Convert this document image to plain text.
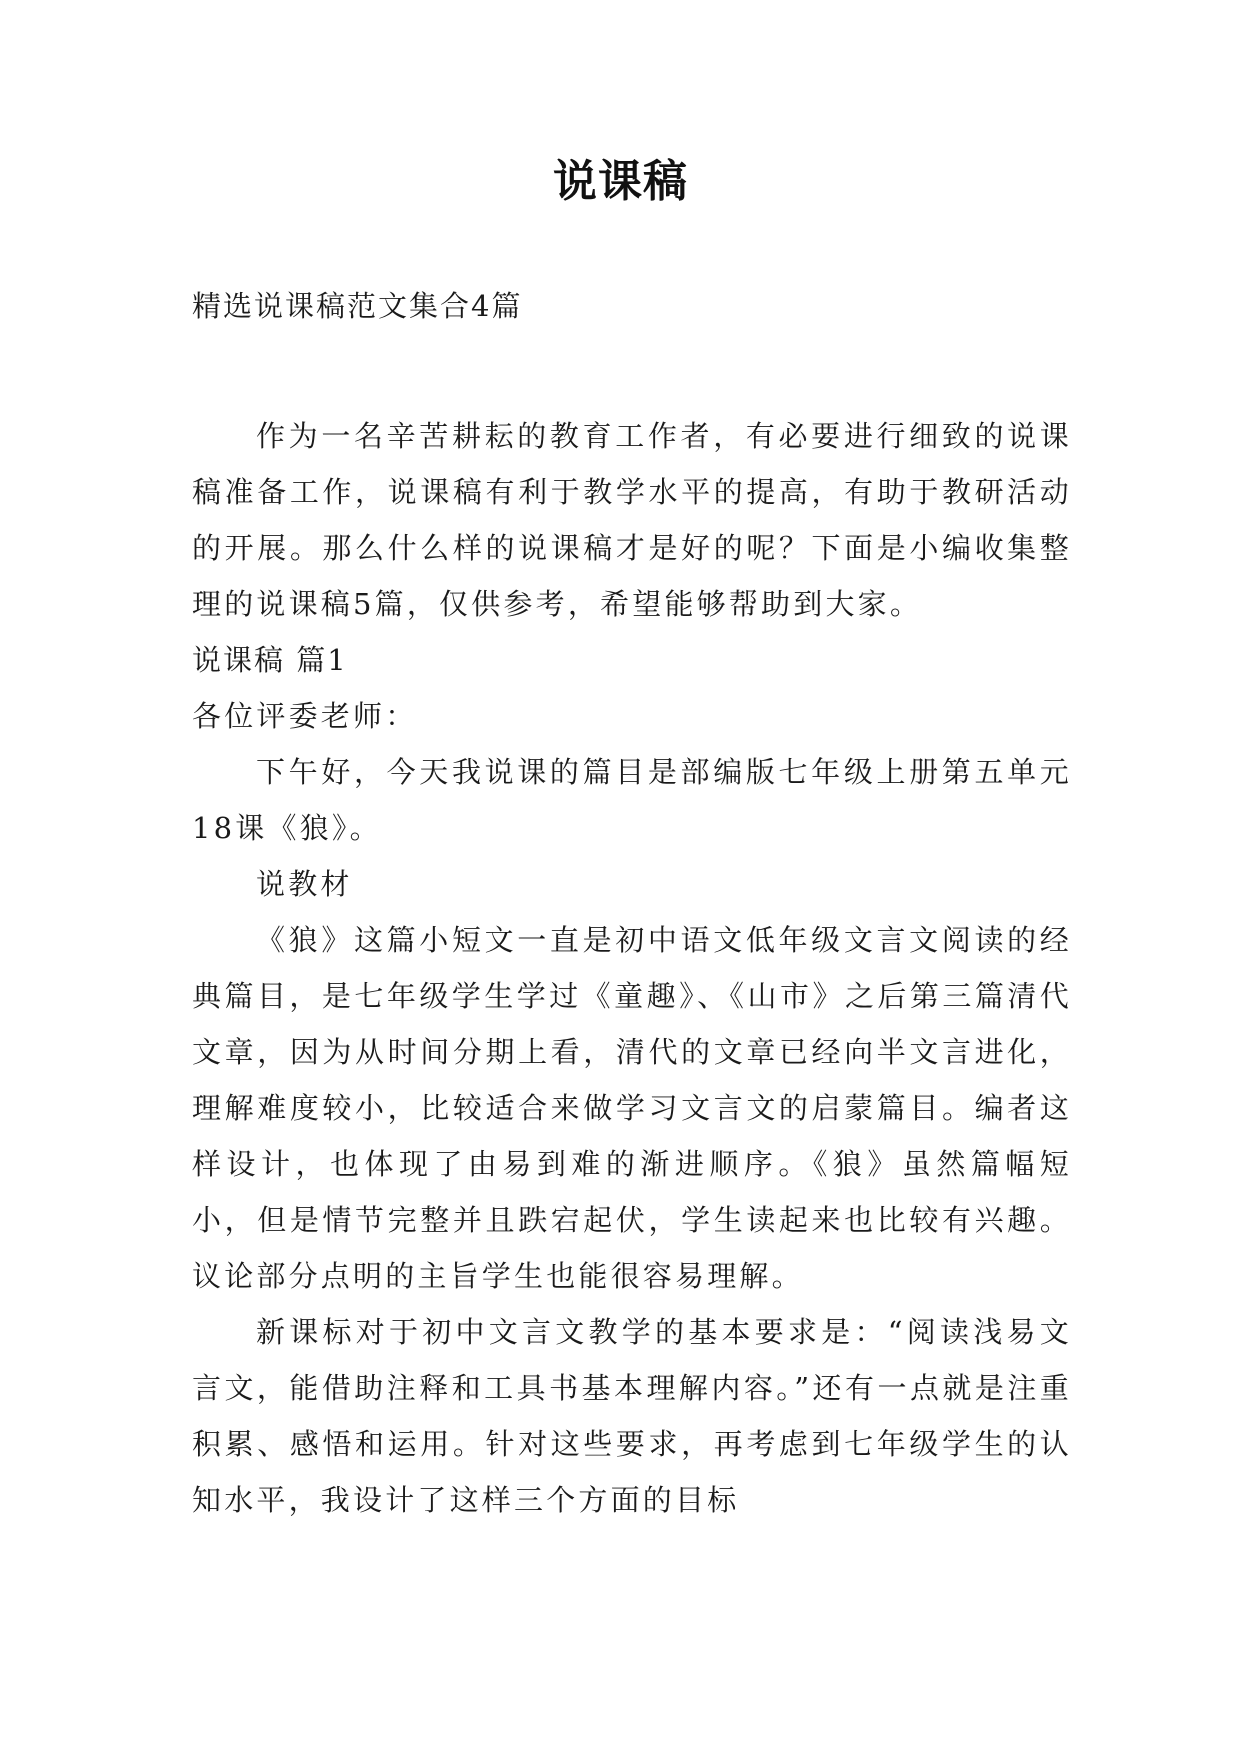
说课稿
精选说课稿范文集合4篇

作为一名辛苦耕耘的教育工作者，有必要进行细致的说课稿准备工作，说课稿有利于教学水平的提高，有助于教研活动的开展。那么什么样的说课稿才是好的呢？下面是小编收集整理的说课稿5篇，仅供参考，希望能够帮助到大家。

说课稿 篇1

各位评委老师：

下午好，今天我说课的篇目是部编版七年级上册第五单元18课《狼》。

说教材

《狼》这篇小短文一直是初中语文低年级文言文阅读的经典篇目，是七年级学生学过《童趣》、《山市》之后第三篇清代文章，因为从时间分期上看，清代的文章已经向半文言进化，理解难度较小，比较适合来做学习文言文的启蒙篇目。编者这样设计，也体现了由易到难的渐进顺序。《狼》虽然篇幅短小，但是情节完整并且跌宕起伏，学生读起来也比较有兴趣。议论部分点明的主旨学生也能很容易理解。

新课标对于初中文言文教学的基本要求是：“阅读浅易文言文，能借助注释和工具书基本理解内容。”还有一点就是注重积累、感悟和运用。针对这些要求，再考虑到七年级学生的认知水平，我设计了这样三个方面的目标
